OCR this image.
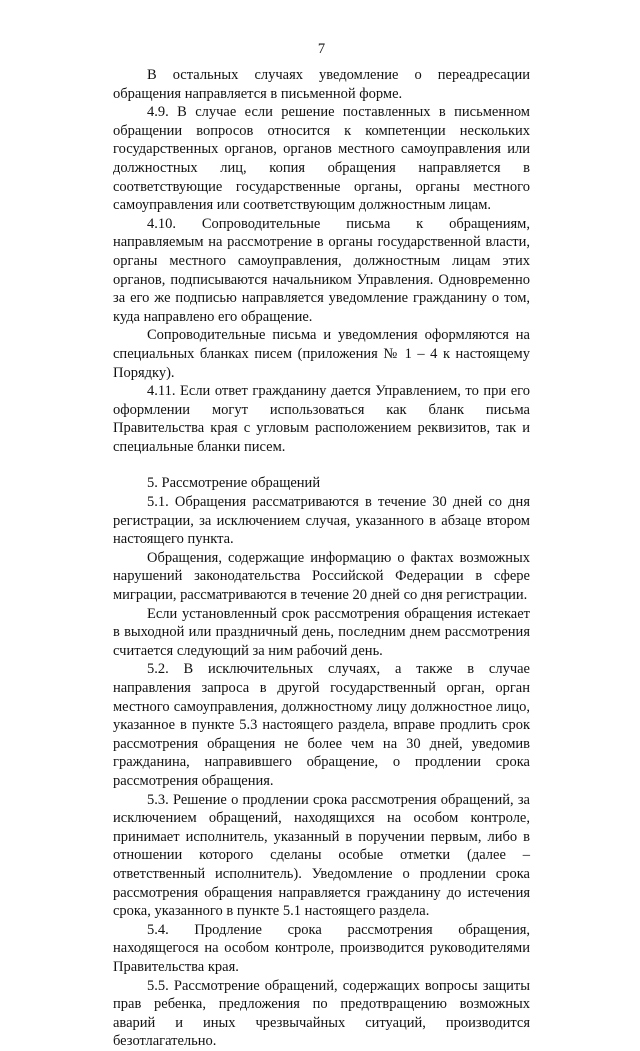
7

В остальных случаях уведомление о переадресации обращения направляется в письменной форме.

4.9. В случае если решение поставленных в письменном обращении вопросов относится к компетенции нескольких государственных органов, органов местного самоуправления или должностных лиц, копия обращения направляется в соответствующие государственные органы, органы местного самоуправления или соответствующим должностным лицам.

4.10. Сопроводительные письма к обращениям, направляемым на рассмотрение в органы государственной власти, органы местного самоуправления, должностным лицам этих органов, подписываются начальником Управления. Одновременно за его же подписью направляется уведомление гражданину о том, куда направлено его обращение.

Сопроводительные письма и уведомления оформляются на специальных бланках писем (приложения № 1 – 4 к настоящему Порядку).

4.11. Если ответ гражданину дается Управлением, то при его оформлении могут использоваться как бланк письма Правительства края с угловым расположением реквизитов, так и специальные бланки писем.

5. Рассмотрение обращений

5.1. Обращения рассматриваются в течение 30 дней со дня регистрации, за исключением случая, указанного в абзаце втором настоящего пункта.

Обращения, содержащие информацию о фактах возможных нарушений законодательства Российской Федерации в сфере миграции, рассматриваются в течение 20 дней со дня регистрации.

Если установленный срок рассмотрения обращения истекает в выходной или праздничный день, последним днем рассмотрения считается следующий за ним рабочий день.

5.2. В исключительных случаях, а также в случае направления запроса в другой государственный орган, орган местного самоуправления, должностному лицу должностное лицо, указанное в пункте 5.3 настоящего раздела, вправе продлить срок рассмотрения обращения не более чем на 30 дней, уведомив гражданина, направившего обращение, о продлении срока рассмотрения обращения.

5.3. Решение о продлении срока рассмотрения обращений, за исключением обращений, находящихся на особом контроле, принимает исполнитель, указанный в поручении первым, либо в отношении которого сделаны особые отметки (далее – ответственный исполнитель). Уведомление о продлении срока рассмотрения обращения направляется гражданину до истечения срока, указанного в пункте 5.1 настоящего раздела.

5.4. Продление срока рассмотрения обращения, находящегося на особом контроле, производится руководителями Правительства края.

5.5. Рассмотрение обращений, содержащих вопросы защиты прав ребенка, предложения по предотвращению возможных аварий и иных чрезвычайных ситуаций, производится безотлагательно.
